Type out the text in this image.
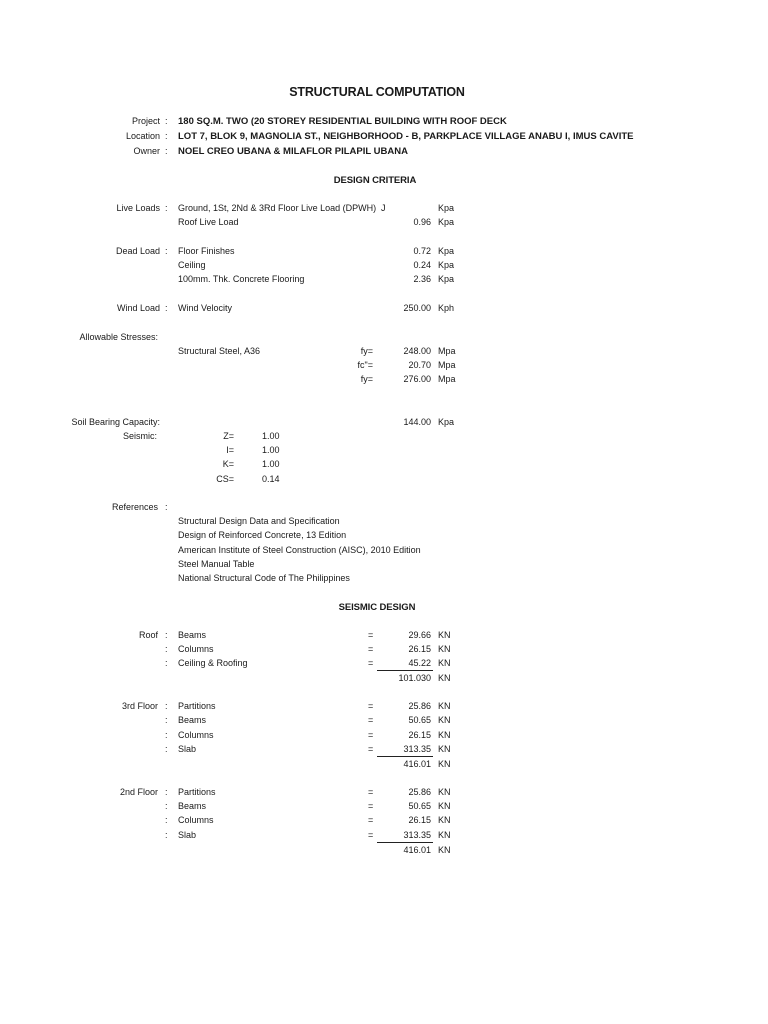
STRUCTURAL COMPUTATION
Project : 180 SQ.M. TWO (20 STOREY RESIDENTIAL BUILDING WITH ROOF DECK
Location : LOT 7, BLOK 9, MAGNOLIA ST., NEIGHBORHOOD - B, PARKPLACE VILLAGE ANABU I, IMUS CAVITE
Owner : NOEL CREO UBANA & MILAFLOR PILAPIL UBANA
DESIGN CRITERIA
Live Loads : Ground, 1St, 2Nd & 3Rd Floor Live Load (DPWH) J	Kpa
Roof Live Load	0.96 Kpa
Dead Load : Floor Finishes	0.72 Kpa
Ceiling	0.24 Kpa
100mm. Thk. Concrete Flooring	2.36 Kpa
Wind Load : Wind Velocity	250.00 Kph
Allowable Stresses:
Structural Steel, A36	fy=	248.00 Mpa
fc"=	20.70 Mpa
fy=	276.00 Mpa
Soil Bearing Capacity:	144.00 Kpa
Seismic:	Z=	1.00
I=	1.00
K=	1.00
CS=	0.14
References :
Structural Design Data and Specification
Design of Reinforced Concrete, 13 Edition
American Institute of Steel Construction (AISC), 2010 Edition
Steel Manual Table
National Structural Code of The Philippines
SEISMIC DESIGN
Roof : Beams	=	29.66 KN
: Columns	=	26.15 KN
: Ceiling & Roofing	=	45.22 KN
101.030 KN
3rd Floor : Partitions	=	25.86 KN
: Beams	=	50.65 KN
: Columns	=	26.15 KN
: Slab	=	313.35 KN
416.01 KN
2nd Floor : Partitions	=	25.86 KN
: Beams	=	50.65 KN
: Columns	=	26.15 KN
: Slab	=	313.35 KN
416.01 KN
